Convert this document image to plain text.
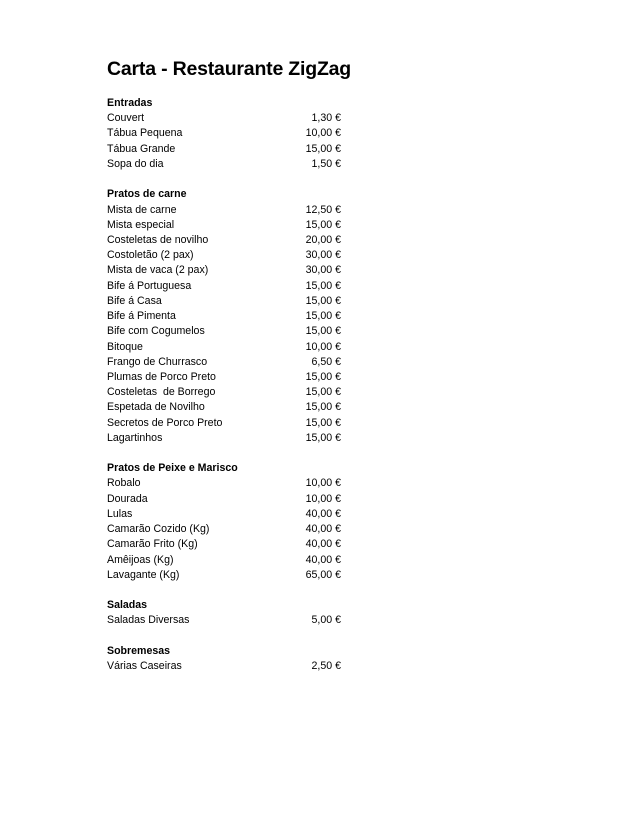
Carta - Restaurante ZigZag
Entradas
Couvert	1,30 €
Tábua Pequena	10,00 €
Tábua Grande	15,00 €
Sopa do dia	1,50 €
Pratos de carne
Mista de carne	12,50 €
Mista especial	15,00 €
Costeletas de novilho	20,00 €
Costoletão (2 pax)	30,00 €
Mista de vaca (2 pax)	30,00 €
Bife á Portuguesa	15,00 €
Bife á Casa	15,00 €
Bife á Pimenta	15,00 €
Bife com Cogumelos	15,00 €
Bitoque	10,00 €
Frango de Churrasco	6,50 €
Plumas de Porco Preto	15,00 €
Costeletas  de Borrego	15,00 €
Espetada de Novilho	15,00 €
Secretos de Porco Preto	15,00 €
Lagartinhos	15,00 €
Pratos de Peixe e Marisco
Robalo	10,00 €
Dourada	10,00 €
Lulas	40,00 €
Camarão Cozido (Kg)	40,00 €
Camarão Frito (Kg)	40,00 €
Amêijoas (Kg)	40,00 €
Lavagante (Kg)	65,00 €
Saladas
Saladas Diversas	5,00 €
Sobremesas
Várias Caseiras	2,50 €
